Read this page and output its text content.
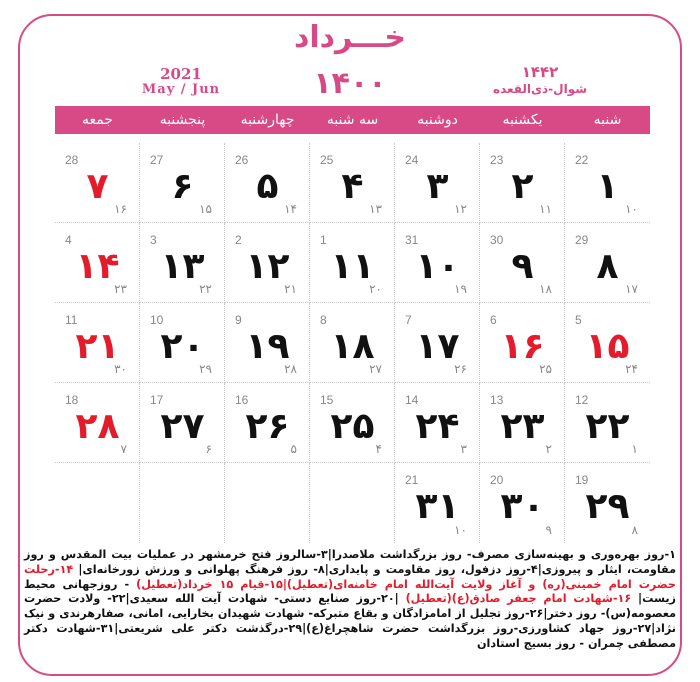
خـــرداد
2021
May / Jun	۱۴۰۰	۱۴۴۲
شوال-ذی‌القعده
شنبه
یکشنبه
دوشنبه
سه شنبه
چهارشنبه
پنجشنبه
جمعه
22
۱
۱۰
23
۲
۱۱
24
۳
۱۲
25
۴
۱۳
26
۵
۱۴
27
۶
۱۵
28
۷
۱۶
29
۸
۱۷
30
۹
۱۸
31
۱۰
۱۹
1
۱۱
۲۰
2
۱۲
۲۱
3
۱۳
۲۲
4
۱۴
۲۳
5
۱۵
۲۴
6
۱۶
۲۵
7
۱۷
۲۶
8
۱۸
۲۷
9
۱۹
۲۸
10
۲۰
۲۹
11
۲۱
۳۰
12
۲۲
۱
13
۲۳
۲
14
۲۴
۳
15
۲۵
۴
16
۲۶
۵
17
۲۷
۶
18
۲۸
۷
19
۲۹
۸
20
۳۰
۹
21
۳۱
۱۰
۱-روز بهره‌وری و بهینه‌سازی مصرف- روز بزرگداشت ملاصدرا|۳-سالروز فتح خرمشهر در عملیات بیت المقدس و روز مقاومت، ایثار و پیروزی|۴-روز دزفول، روز مقاومت و پایداری|۸- روز فرهنگ پهلوانی و ورزش زورخانه‌ای| ۱۴-رحلت حضرت امام خمینی(ره) و آغاز ولایت آیت‌الله امام خامنه‌ای(تعطیل)|۱۵-قیام ۱۵ خرداد(تعطیل) - روزجهانی محیط زیست| ۱۶-شهادت امام جعفر صادق(ع)(تعطیل) |۲۰-روز صنایع دستی- شهادت آیت الله سعیدی|۲۲- ولادت حضرت معصومه(س)- روز دختر|۲۶-روز تجلیل از امامزادگان و بقاع متبرکه- شهادت شهیدان بخارایی، امانی، صفارهرندی و نیک نژاد|۲۷-روز جهاد کشاورزی-روز بزرگداشت حضرت شاهچراغ(ع)|۲۹-درگذشت دکتر علی شریعتی|۳۱-شهادت دکتر مصطفی چمران - روز بسیج استادان
